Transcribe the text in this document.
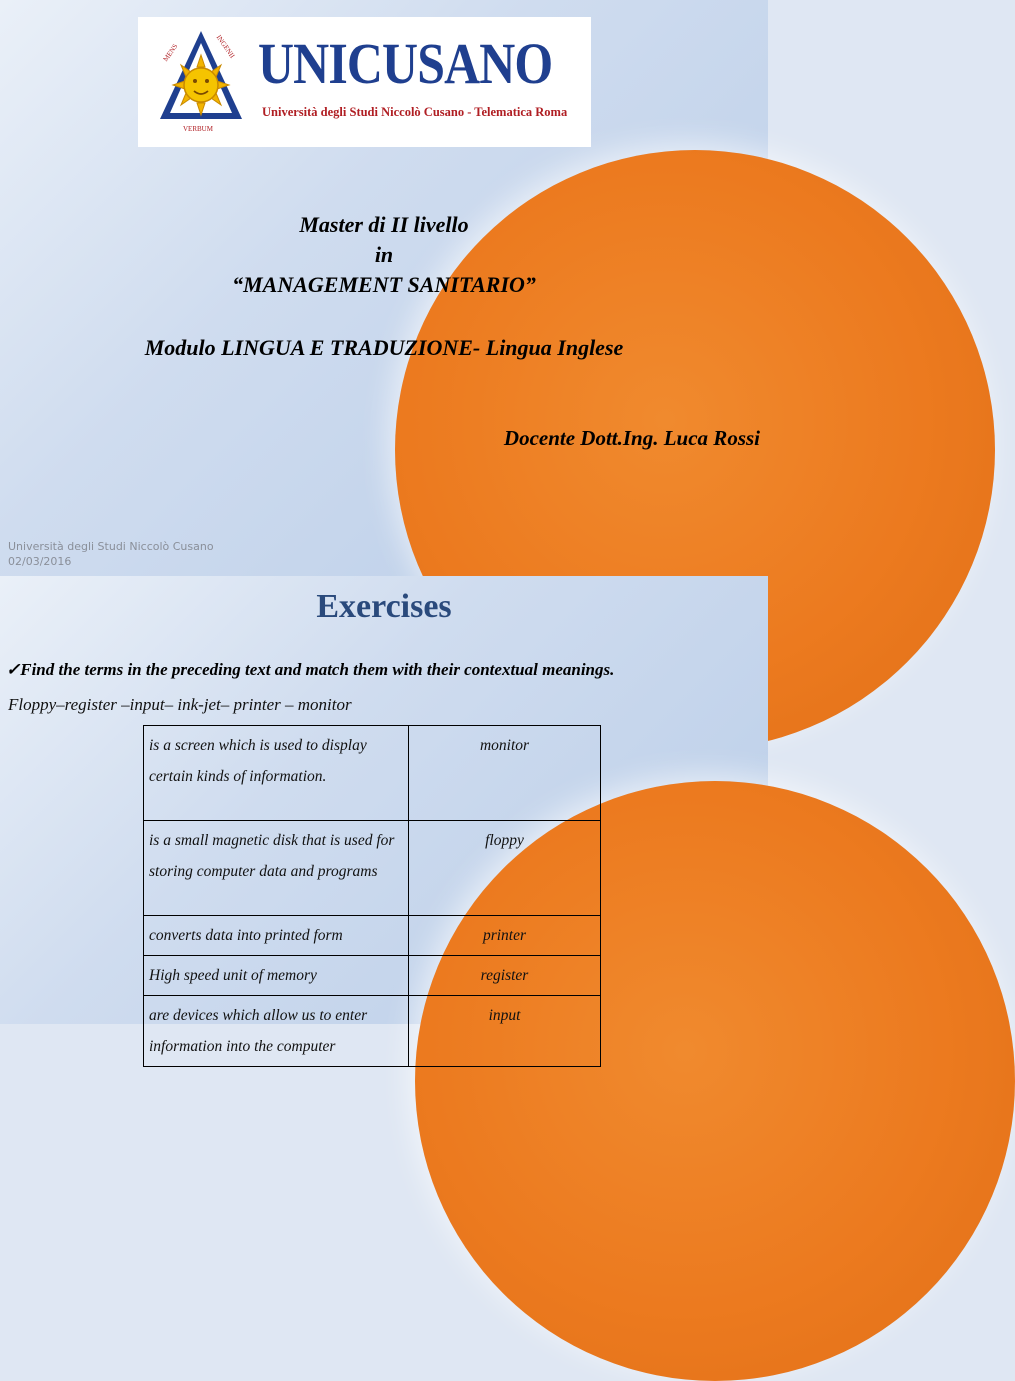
MENS	INGENII
VERBUM
UNICUSANO
Università degli Studi Niccolò Cusano - Telematica Roma
Master di II livello
in
“MANAGEMENT SANITARIO”
Modulo LINGUA E TRADUZIONE- Lingua Inglese
Docente Dott.Ing. Luca Rossi
Università degli Studi Niccolò Cusano
02/03/2016
Exercises
✓Find the terms in the preceding text and match them with their contextual meanings.
Floppy–register –input– ink-jet– printer – monitor
is a screen which is used to display certain kinds of information.	monitor
is a small magnetic disk that is used for storing computer data and programs	floppy
converts data into printed form	printer
High speed unit of memory	register
are devices which allow us to enter information into the computer	input
